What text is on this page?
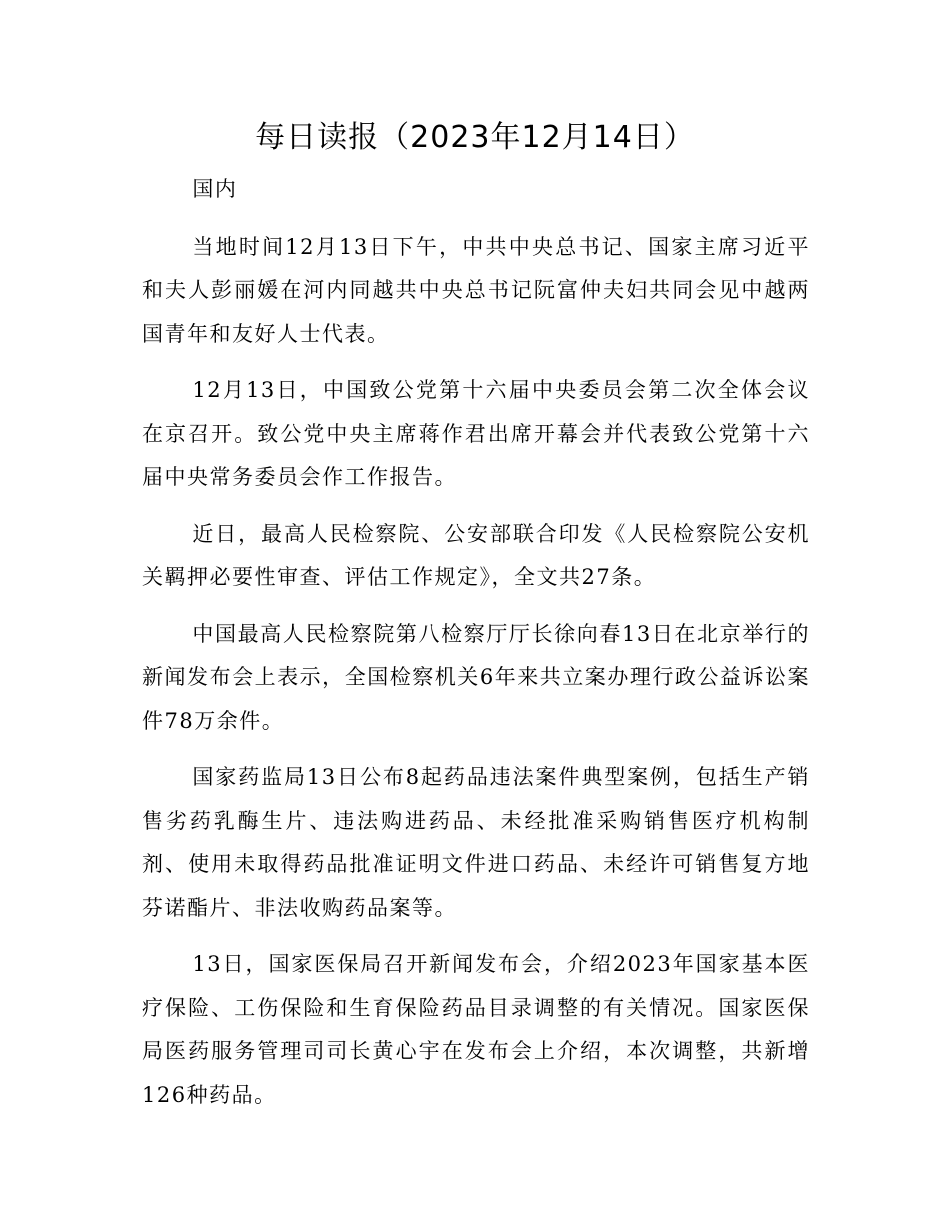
每日读报（2023年12月14日）

国内

当地时间12月13日下午，中共中央总书记、国家主席习近平和夫人彭丽媛在河内同越共中央总书记阮富仲夫妇共同会见中越两国青年和友好人士代表。

12月13日，中国致公党第十六届中央委员会第二次全体会议在京召开。致公党中央主席蒋作君出席开幕会并代表致公党第十六届中央常务委员会作工作报告。

近日，最高人民检察院、公安部联合印发《人民检察院公安机关羁押必要性审查、评估工作规定》，全文共27条。

中国最高人民检察院第八检察厅厅长徐向春13日在北京举行的新闻发布会上表示，全国检察机关6年来共立案办理行政公益诉讼案件78万余件。

国家药监局13日公布8起药品违法案件典型案例，包括生产销售劣药乳酶生片、违法购进药品、未经批准采购销售医疗机构制剂、使用未取得药品批准证明文件进口药品、未经许可销售复方地芬诺酯片、非法收购药品案等。

13日，国家医保局召开新闻发布会，介绍2023年国家基本医疗保险、工伤保险和生育保险药品目录调整的有关情况。国家医保局医药服务管理司司长黄心宇在发布会上介绍，本次调整，共新增126种药品。
